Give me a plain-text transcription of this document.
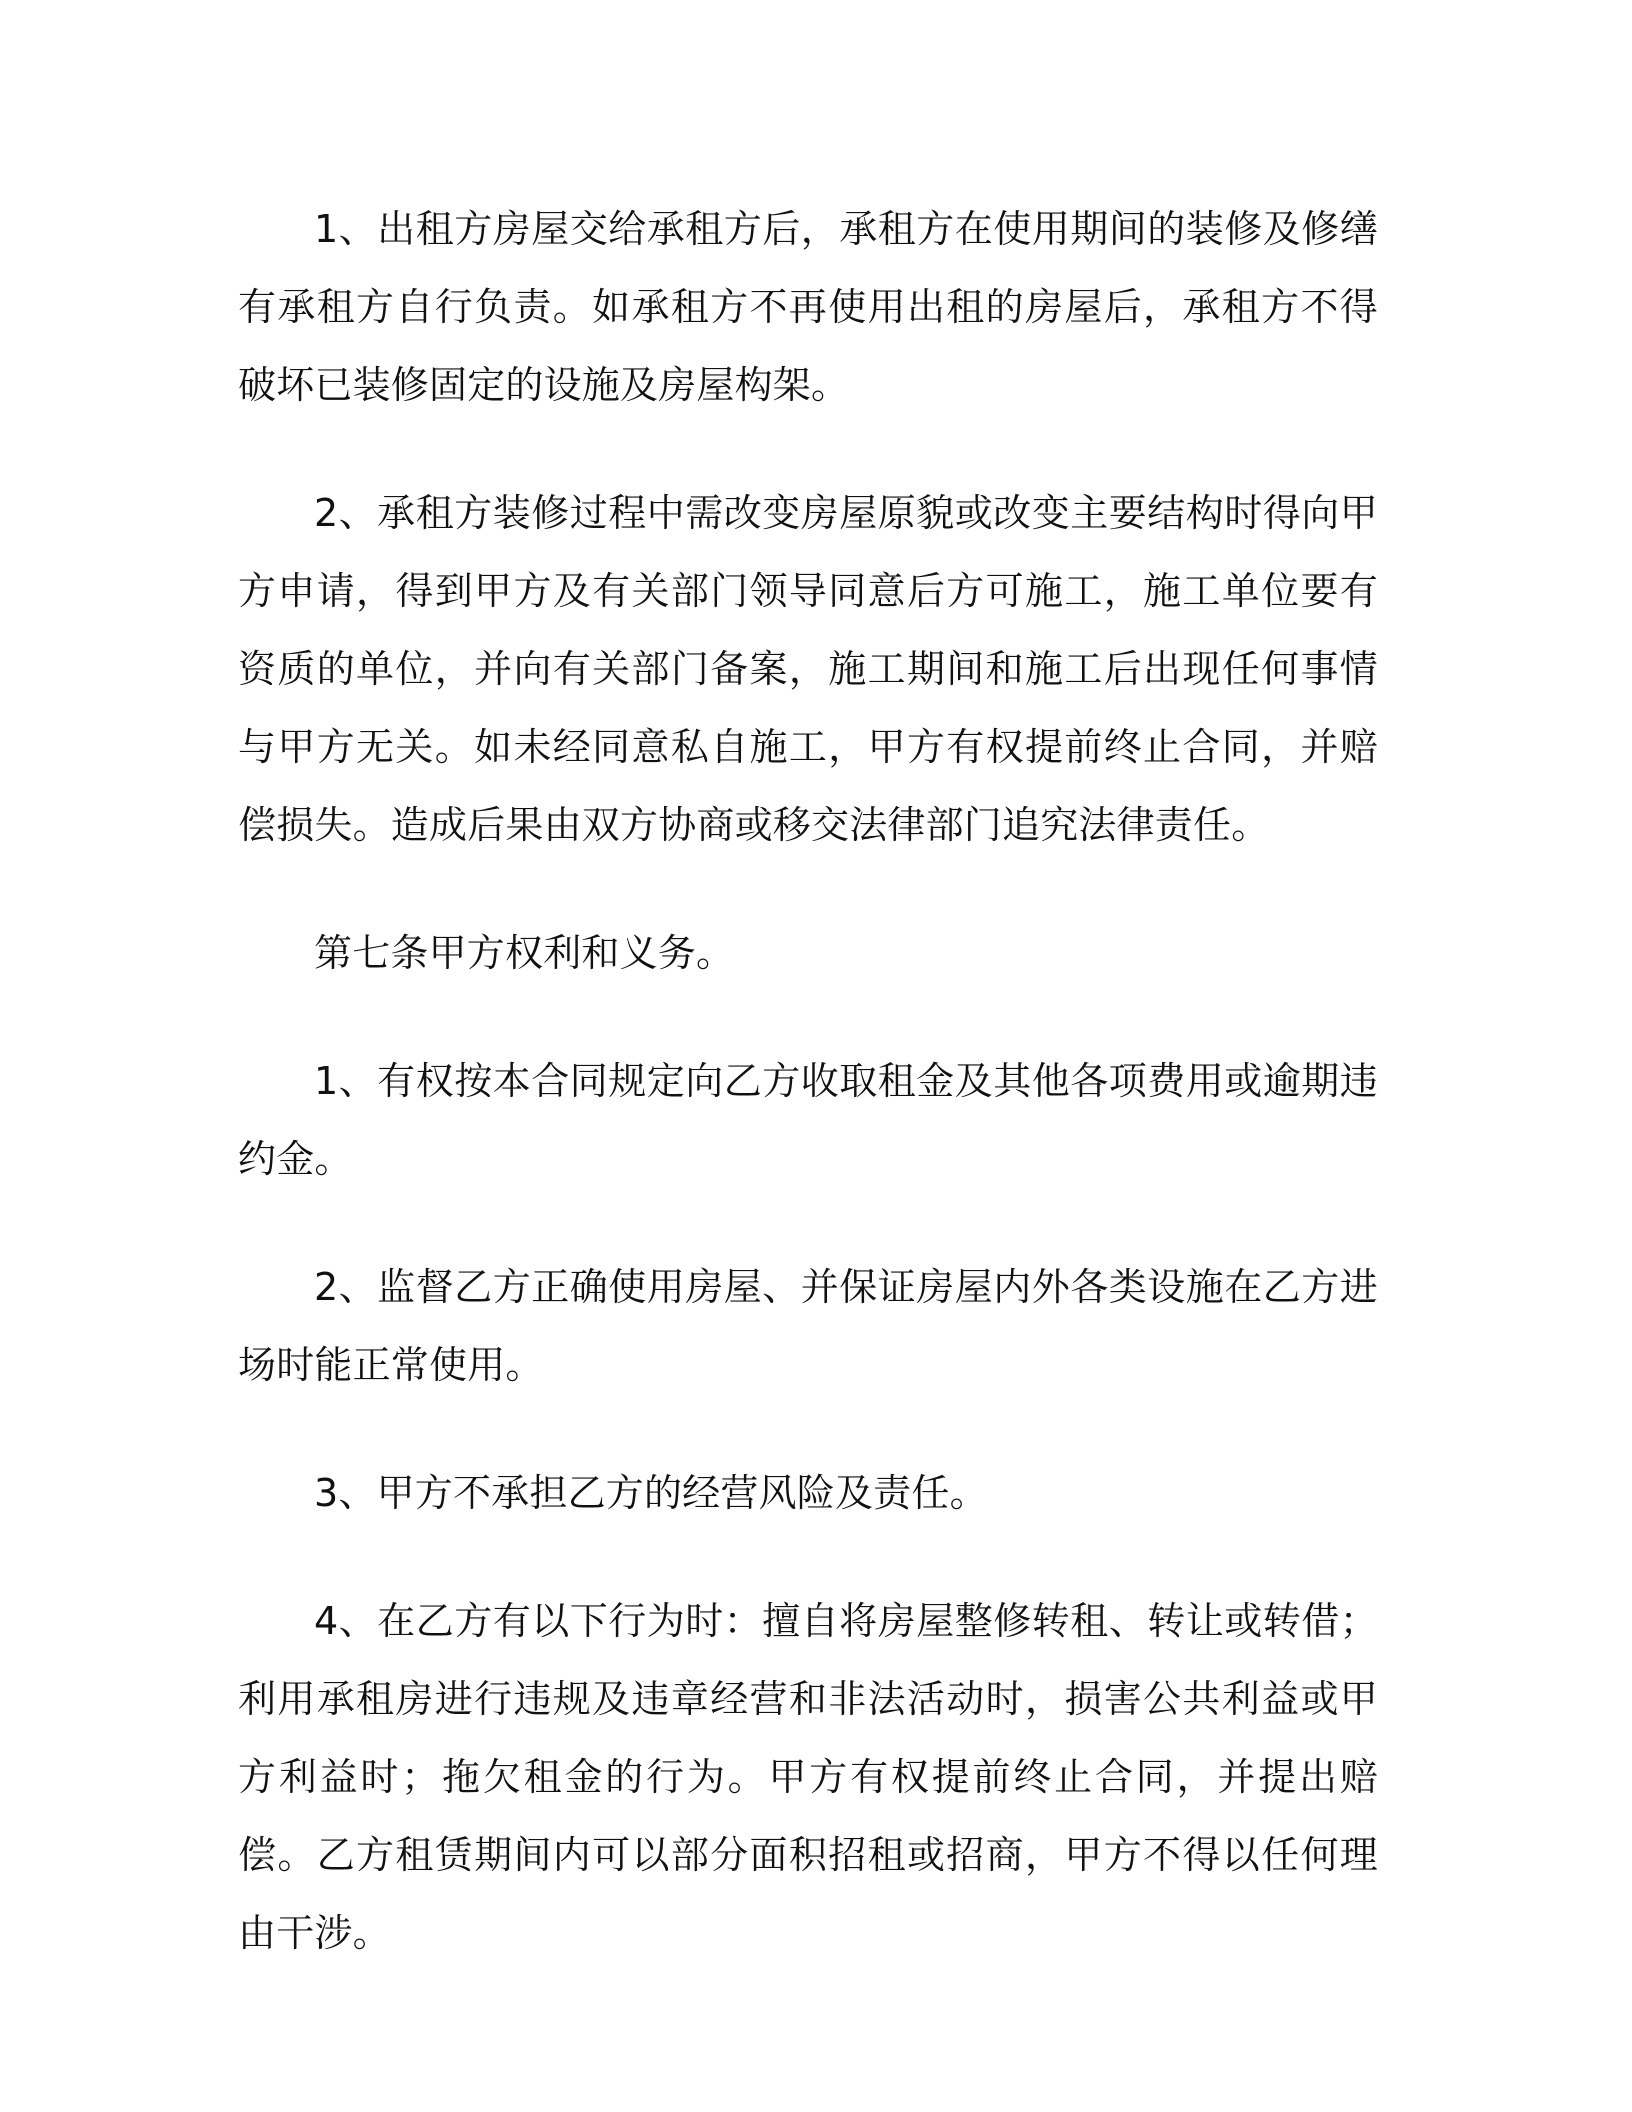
1、出租方房屋交给承租方后，承租方在使用期间的装修及修缮有承租方自行负责。如承租方不再使用出租的房屋后，承租方不得破坏已装修固定的设施及房屋构架。

2、承租方装修过程中需改变房屋原貌或改变主要结构时得向甲方申请，得到甲方及有关部门领导同意后方可施工，施工单位要有资质的单位，并向有关部门备案，施工期间和施工后出现任何事情与甲方无关。如未经同意私自施工，甲方有权提前终止合同，并赔偿损失。造成后果由双方协商或移交法律部门追究法律责任。

第七条甲方权利和义务。

1、有权按本合同规定向乙方收取租金及其他各项费用或逾期违约金。

2、监督乙方正确使用房屋、并保证房屋内外各类设施在乙方进场时能正常使用。

3、甲方不承担乙方的经营风险及责任。

4、在乙方有以下行为时：擅自将房屋整修转租、转让或转借；利用承租房进行违规及违章经营和非法活动时，损害公共利益或甲方利益时；拖欠租金的行为。甲方有权提前终止合同，并提出赔偿。乙方租赁期间内可以部分面积招租或招商，甲方不得以任何理由干涉。
